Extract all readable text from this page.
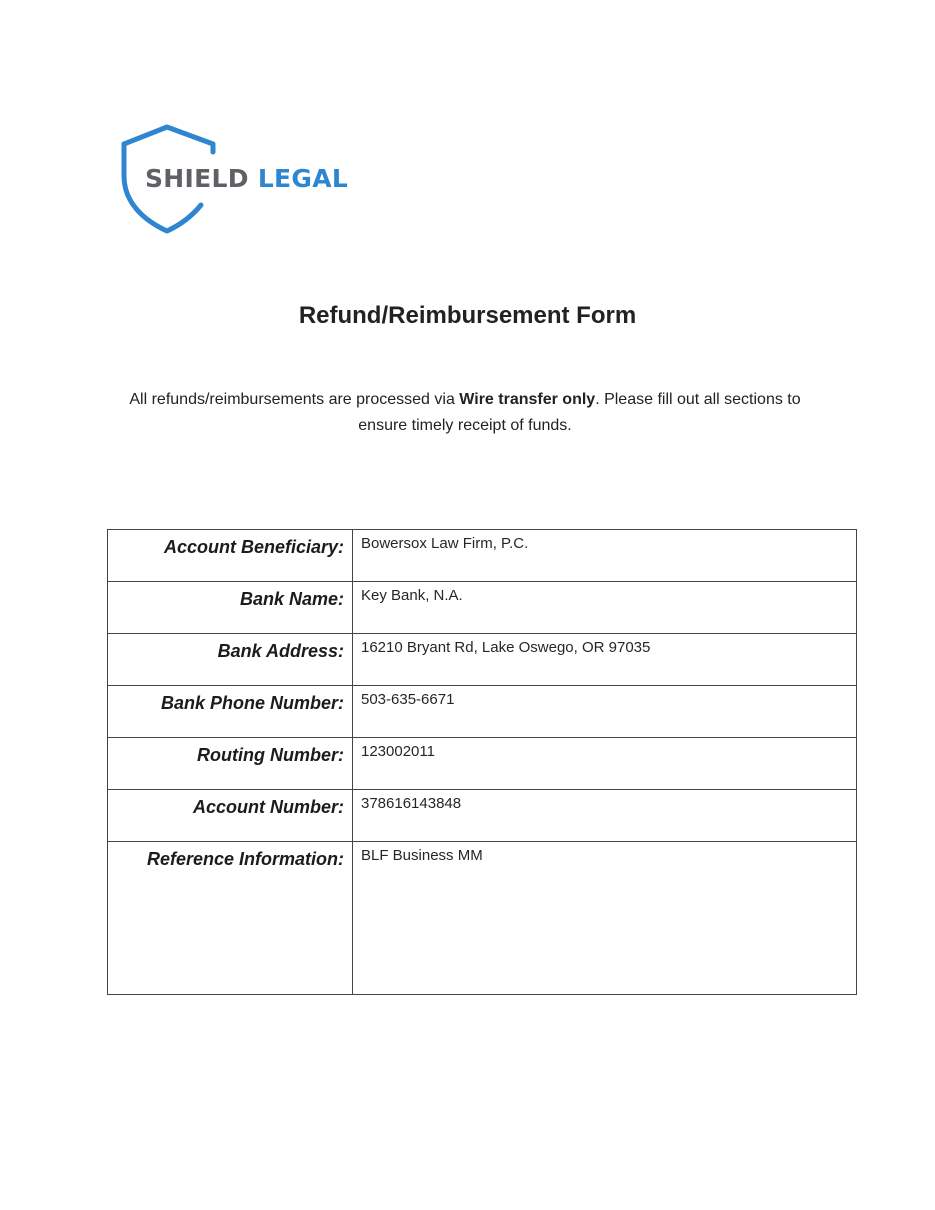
SHIELD LEGAL
Refund/Reimbursement Form
All refunds/reimbursements are processed via Wire transfer only. Please fill out all sections to ensure timely receipt of funds.
Account Beneficiary:	Bowersox Law Firm, P.C.
Bank Name:	Key Bank, N.A.
Bank Address:	16210 Bryant Rd, Lake Oswego, OR 97035
Bank Phone Number:	503-635-6671
Routing Number:	123002011
Account Number:	378616143848
Reference Information:	BLF Business MM
